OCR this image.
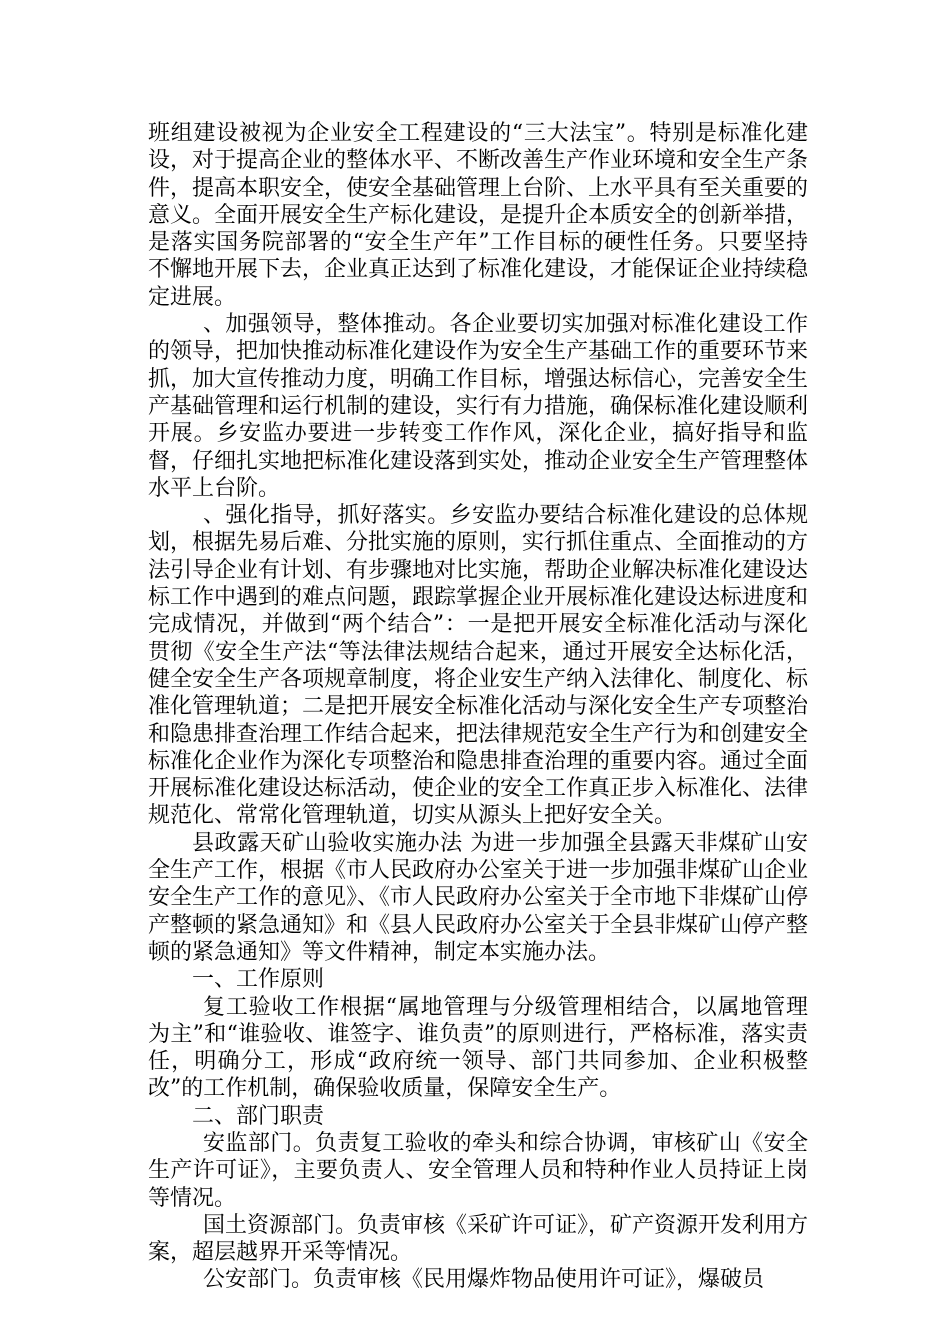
班组建设被视为企业安全工程建设的“三大法宝”。特别是标准化建设，对于提高企业的整体水平、不断改善生产作业环境和安全生产条件，提高本职安全，使安全基础管理上台阶、上水平具有至关重要的意义。全面开展安全生产标化建设，是提升企本质安全的创新举措，是落实国务院部署的“安全生产年”工作目标的硬性任务。只要坚持不懈地开展下去，企业真正达到了标准化建设，才能保证企业持续稳定进展。

、加强领导，整体推动。各企业要切实加强对标准化建设工作的领导，把加快推动标准化建设作为安全生产基础工作的重要环节来抓，加大宣传推动力度，明确工作目标，增强达标信心，完善安全生产基础管理和运行机制的建设，实行有力措施，确保标准化建设顺利开展。乡安监办要进一步转变工作作风，深化企业，搞好指导和监督，仔细扎实地把标准化建设落到实处，推动企业安全生产管理整体水平上台阶。

、强化指导，抓好落实。乡安监办要结合标准化建设的总体规划，根据先易后难、分批实施的原则，实行抓住重点、全面推动的方法引导企业有计划、有步骤地对比实施，帮助企业解决标准化建设达标工作中遇到的难点问题，跟踪掌握企业开展标准化建设达标进度和完成情况，并做到“两个结合”：一是把开展安全标准化活动与深化贯彻《安全生产法“等法律法规结合起来，通过开展安全达标化活，健全安全生产各项规章制度，将企业安生产纳入法律化、制度化、标准化管理轨道；二是把开展安全标准化活动与深化安全生产专项整治和隐患排查治理工作结合起来，把法律规范安全生产行为和创建安全标准化企业作为深化专项整治和隐患排查治理的重要内容。通过全面开展标准化建设达标活动，使企业的安全工作真正步入标准化、法律规范化、常常化管理轨道，切实从源头上把好安全关。

县政露天矿山验收实施办法 为进一步加强全县露天非煤矿山安全生产工作，根据《市人民政府办公室关于进一步加强非煤矿山企业安全生产工作的意见》、《市人民政府办公室关于全市地下非煤矿山停产整顿的紧急通知》和《县人民政府办公室关于全县非煤矿山停产整顿的紧急通知》等文件精神，制定本实施办法。

一、工作原则

复工验收工作根据“属地管理与分级管理相结合，以属地管理为主”和“谁验收、谁签字、谁负责”的原则进行，严格标准，落实责任，明确分工，形成“政府统一领导、部门共同参加、企业积极整改”的工作机制，确保验收质量，保障安全生产。

二、部门职责

安监部门。负责复工验收的牵头和综合协调，审核矿山《安全生产许可证》，主要负责人、安全管理人员和特种作业人员持证上岗等情况。

国土资源部门。负责审核《采矿许可证》，矿产资源开发利用方案，超层越界开采等情况。

公安部门。负责审核《民用爆炸物品使用许可证》，爆破员
